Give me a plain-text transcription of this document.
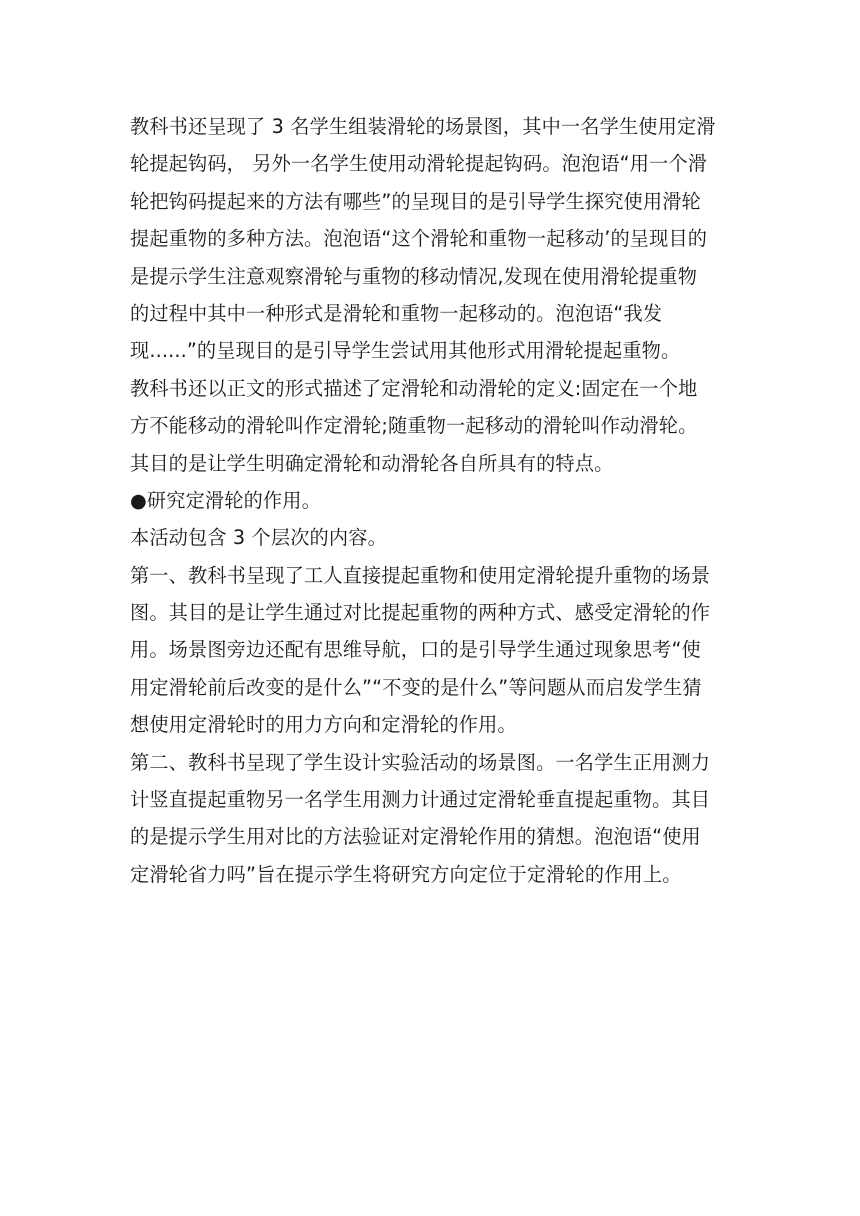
教科书还呈现了 3 名学生组装滑轮的场景图，其中一名学生使用定滑
轮提起钩码， 另外一名学生使用动滑轮提起钩码。泡泡语“用一个滑
轮把钩码提起来的方法有哪些”的呈现目的是引导学生探究使用滑轮
提起重物的多种方法。泡泡语“这个滑轮和重物一起移动’的呈现目的
是提示学生注意观察滑轮与重物的移动情况,发现在使用滑轮提重物
的过程中其中一种形式是滑轮和重物一起移动的。泡泡语“我发
现......”的呈现目的是引导学生尝试用其他形式用滑轮提起重物。
教科书还以正文的形式描述了定滑轮和动滑轮的定义:固定在一个地
方不能移动的滑轮叫作定滑轮;随重物一起移动的滑轮叫作动滑轮。
其目的是让学生明确定滑轮和动滑轮各自所具有的特点。
●研究定滑轮的作用。
本活动包含 3 个层次的内容。
第一、教科书呈现了工人直接提起重物和使用定滑轮提升重物的场景
图。其目的是让学生通过对比提起重物的两种方式、感受定滑轮的作
用。场景图旁边还配有思维导航，口的是引导学生通过现象思考“使
用定滑轮前后改变的是什么”“不变的是什么”等问题从而启发学生猜
想使用定滑轮时的用力方向和定滑轮的作用。
第二、教科书呈现了学生设计实验活动的场景图。一名学生正用测力
计竖直提起重物另一名学生用测力计通过定滑轮垂直提起重物。其目
的是提示学生用对比的方法验证对定滑轮作用的猜想。泡泡语“使用
定滑轮省力吗”旨在提示学生将研究方向定位于定滑轮的作用上。
